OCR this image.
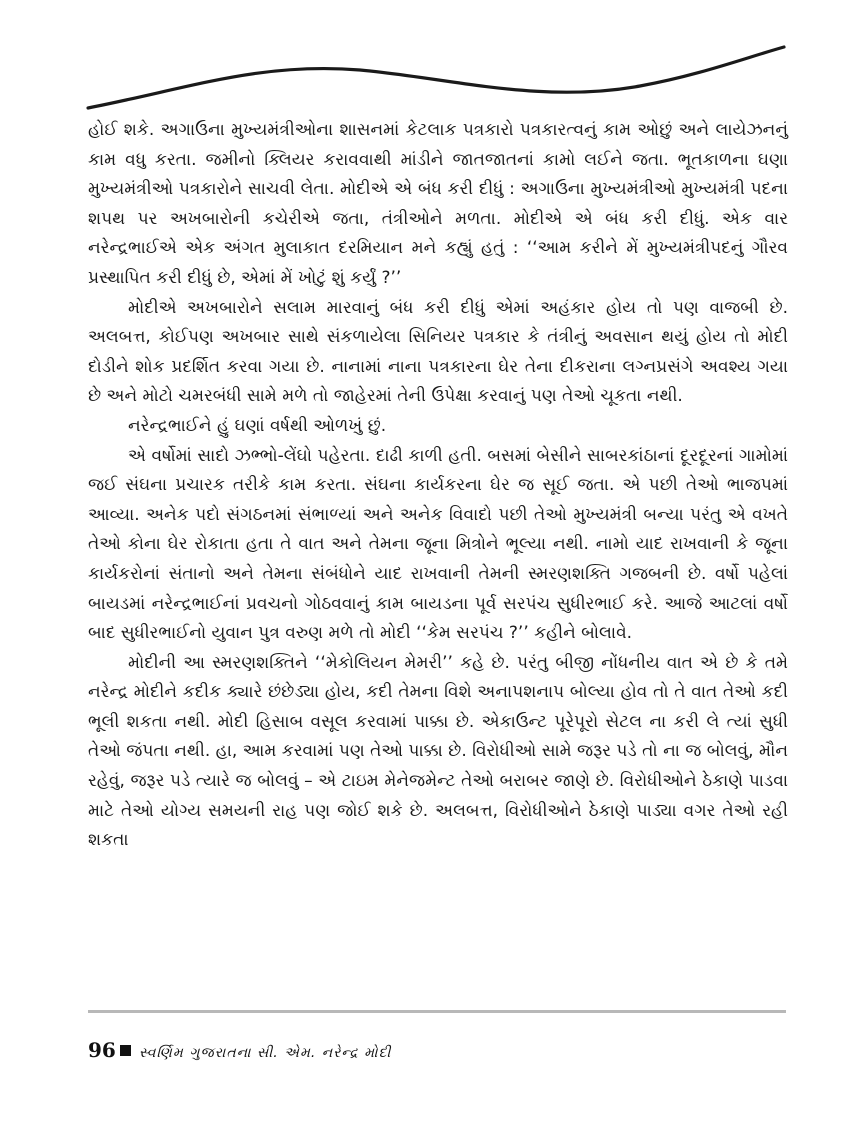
હોઈ શકે. અગાઉના મુખ્યમંત્રીઓના શાસનમાં કેટલાક પત્રકારો પત્રકારત્વનું કામ ઓછું અને લાયેઝનનું કામ વધુ કરતા. જમીનો ક્લિયર કરાવવાથી માંડીને જાતજાતનાં કામો લઈને જતા. ભૂતકાળના ઘણા મુખ્યમંત્રીઓ પત્રકારોને સાચવી લેતા. મોદીએ એ બંધ કરી દીધું : અગાઉના મુખ્યમંત્રીઓ મુખ્યમંત્રી પદના શપથ પર અખબારોની કચેરીએ જતા, તંત્રીઓને મળતા. મોદીએ એ બંધ કરી દીધું. એક વાર નરેન્દ્રભાઈએ એક અંગત મુલાકાત દરમિયાન મને કહ્યું હતું : ‘‘આમ કરીને મેં મુખ્યમંત્રીપદનું ગૌરવ પ્રસ્થાપિત કરી દીધું છે, એમાં મેં ખોટું શું કર્યું ?’’

મોદીએ અખબારોને સલામ મારવાનું બંધ કરી દીધું એમાં અહંકાર હોય તો પણ વાજબી છે. અલબત્ત, કોઈપણ અખબાર સાથે સંકળાયેલા સિનિયર પત્રકાર કે તંત્રીનું અવસાન થયું હોય તો મોદી દોડીને શોક પ્રદર્શિત કરવા ગયા છે. નાનામાં નાના પત્રકારના ઘેર તેના દીકરાના લગ્નપ્રસંગે અવશ્ય ગયા છે અને મોટો ચમરબંધી સામે મળે તો જાહેરમાં તેની ઉપેક્ષા કરવાનું પણ તેઓ ચૂકતા નથી.

નરેન્દ્રભાઈને હું ઘણાં વર્ષથી ઓળખું છું.

એ વર્ષોમાં સાદો ઝભ્ભો-લેંઘો પહેરતા. દાઢી કાળી હતી. બસમાં બેસીને સાબરકાંઠાનાં દૂરદૂરનાં ગામોમાં જઈ સંઘના પ્રચારક તરીકે કામ કરતા. સંઘના કાર્યકરના ઘેર જ સૂઈ જતા. એ પછી તેઓ ભાજપમાં આવ્યા. અનેક પદો સંગઠનમાં સંભાળ્યાં અને અનેક વિવાદો પછી તેઓ મુખ્યમંત્રી બન્યા પરંતુ એ વખતે તેઓ કોના ઘેર રોકાતા હતા તે વાત અને તેમના જૂના મિત્રોને ભૂલ્યા નથી. નામો યાદ રાખવાની કે જૂના કાર્યકરોનાં સંતાનો અને તેમના સંબંધોને યાદ રાખવાની તેમની સ્મરણશક્તિ ગજબની છે. વર્ષો પહેલાં બાયડમાં નરેન્દ્રભાઈનાં પ્રવચનો ગોઠવવાનું કામ બાયડના પૂર્વ સરપંચ સુધીરભાઈ કરે. આજે આટલાં વર્ષો બાદ સુધીરભાઈનો યુવાન પુત્ર વરુણ મળે તો મોદી ‘‘કેમ સરપંચ ?’’ કહીને બોલાવે.

મોદીની આ સ્મરણશક્તિને ‘‘મેકોલિયન મેમરી’’ કહે છે. પરંતુ બીજી નોંધનીય વાત એ છે કે તમે નરેન્દ્ર મોદીને કદીક ક્યારે છંછેડ્યા હોય, કદી તેમના વિશે અનાપશનાપ બોલ્યા હોવ તો તે વાત તેઓ કદી ભૂલી શકતા નથી. મોદી હિસાબ વસૂલ કરવામાં પાક્કા છે. એકાઉન્ટ પૂરેપૂરો સેટલ ના કરી લે ત્યાં સુધી તેઓ જંપતા નથી. હા, આમ કરવામાં પણ તેઓ પાક્કા છે. વિરોધીઓ સામે જરૂર પડે તો ના જ બોલવું, મૌન રહેવું, જરૂર પડે ત્યારે જ બોલવું – એ ટાઇમ મેનેજમેન્ટ તેઓ બરાબર જાણે છે. વિરોધીઓને ઠેકાણે પાડવા માટે તેઓ યોગ્ય સમયની રાહ પણ જોઈ શકે છે. અલબત્ત, વિરોધીઓને ઠેકાણે પાડ્યા વગર તેઓ રહી શકતા

96 સ્વર્ણિમ ગુજરાતના સી. એમ. નરેન્દ્ર મોદી
